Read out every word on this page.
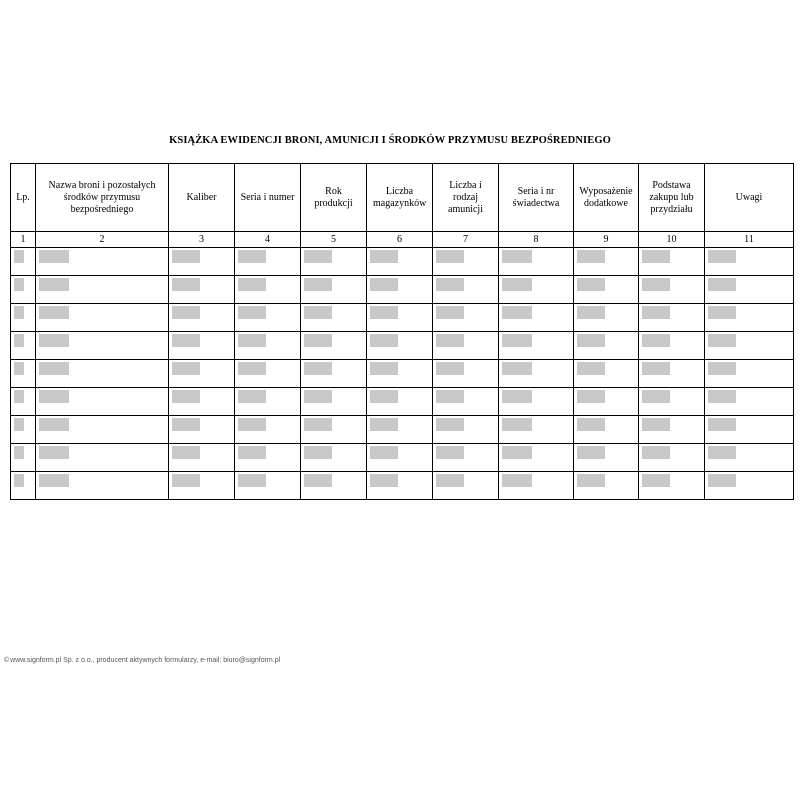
KSIĄŻKA EWIDENCJI BRONI, AMUNICJI I ŚRODKÓW PRZYMUSU BEZPOŚREDNIEGO
Lp.	Nazwa broni i pozostałych środków przymusu bezpośredniego	Kaliber	Seria i numer	Rok produkcji	Liczba magazynków	Liczba i rodzaj amunicji	Seria i nr świadectwa	Wyposażenie dodatkowe	Podstawa zakupu lub przydziału	Uwagi
1	2	3	4	5	6	7	8	9	10	11

©www.signform.pl Sp. z o.o., producent aktywnych formularzy, e-mail: biuro@signform.pl
